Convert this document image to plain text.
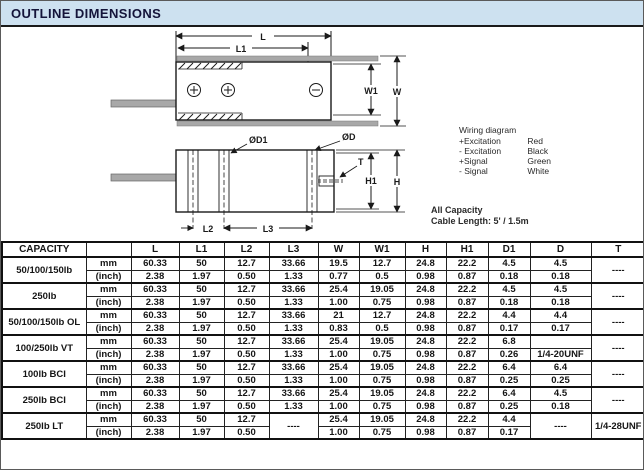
OUTLINE DIMENSIONS
L
L1
W1 W
ØD1	ØD
T
H1 H
L2	L3
Wiring diagram
+Excitation	Red
- Excitation	Black
+Signal	Green
- Signal	White
All Capacity
Cable Length: 5' / 1.5m
CAPACITY		L	L1	L2	L3	W	W1	H	H1	D1	D	T
50/100/150lb	mm	60.33	50	12.7	33.66	19.5	12.7	24.8	22.2	4.5	4.5	----
	(inch)	2.38	1.97	0.50	1.33	0.77	0.5	0.98	0.87	0.18	0.18	
250lb	mm	60.33	50	12.7	33.66	25.4	19.05	24.8	22.2	4.5	4.5	----
	(inch)	2.38	1.97	0.50	1.33	1.00	0.75	0.98	0.87	0.18	0.18	
50/100/150lb OL	mm	60.33	50	12.7	33.66	21	12.7	24.8	22.2	4.4	4.4	----
	(inch)	2.38	1.97	0.50	1.33	0.83	0.5	0.98	0.87	0.17	0.17	
100/250lb VT	mm	60.33	50	12.7	33.66	25.4	19.05	24.8	22.2	6.8		----
	(inch)	2.38	1.97	0.50	1.33	1.00	0.75	0.98	0.87	0.26	1/4-20UNF	
100lb BCI	mm	60.33	50	12.7	33.66	25.4	19.05	24.8	22.2	6.4	6.4	----
	(inch)	2.38	1.97	0.50	1.33	1.00	0.75	0.98	0.87	0.25	0.25	
250lb BCI	mm	60.33	50	12.7	33.66	25.4	19.05	24.8	22.2	6.4	4.5	----
	(inch)	2.38	1.97	0.50	1.33	1.00	0.75	0.98	0.87	0.25	0.18	
250lb LT	mm	60.33	50	12.7	----	25.4	19.05	24.8	22.2	4.4	----	1/4-28UNF
	(inch)	2.38	1.97	0.50		1.00	0.75	0.98	0.87	0.17		
